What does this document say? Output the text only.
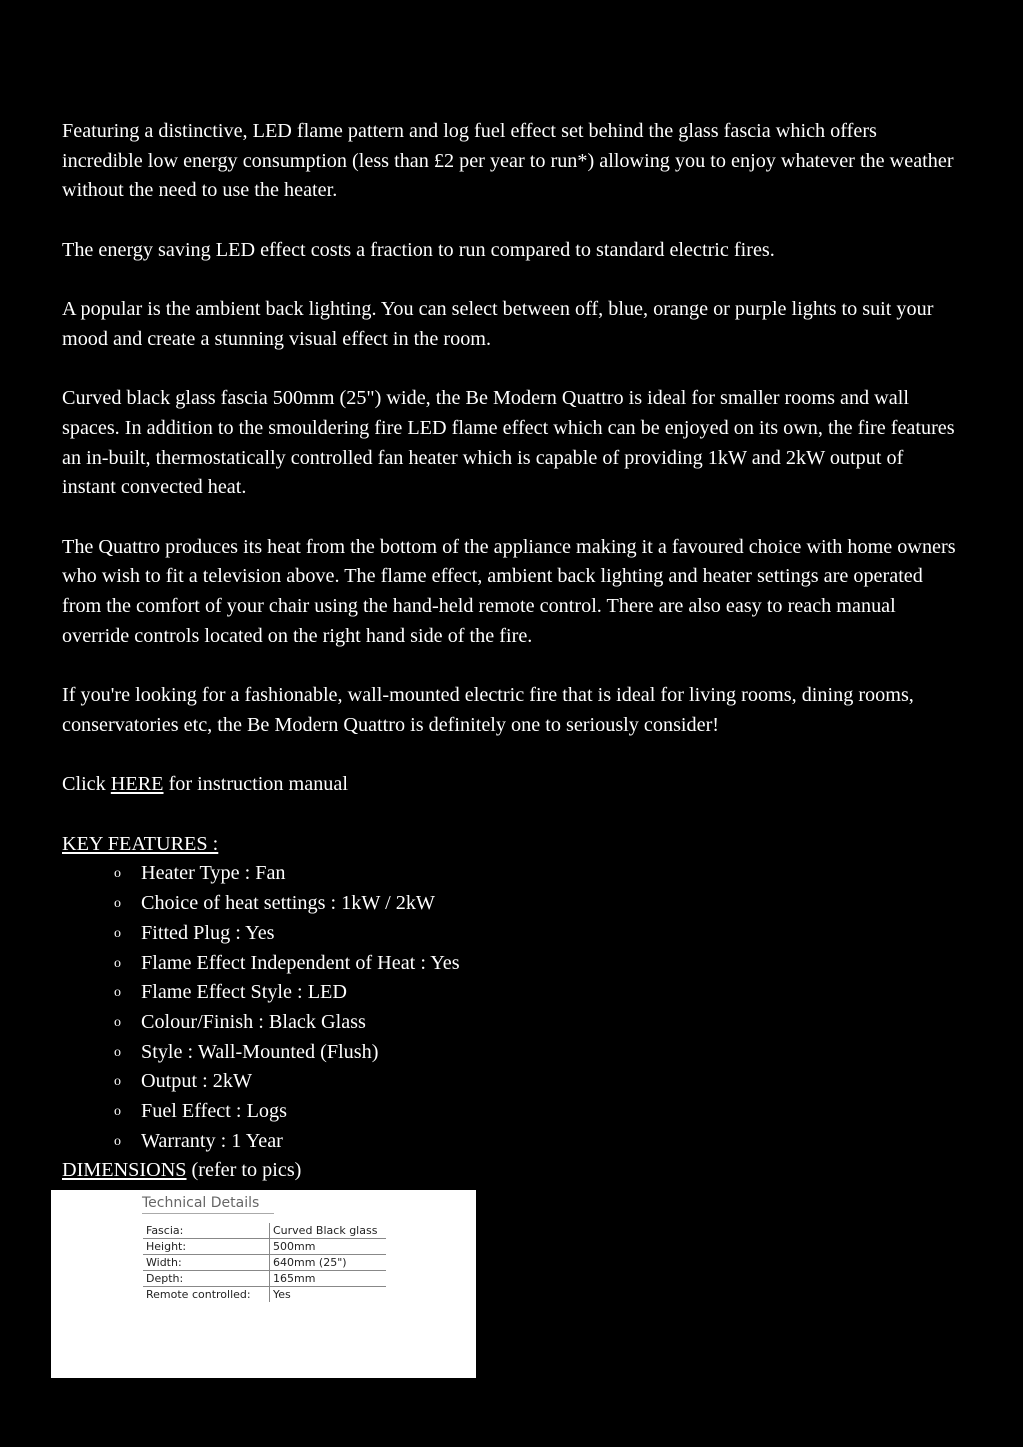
Featuring a distinctive, LED flame pattern and log fuel effect set behind the glass fascia which offers incredible low energy consumption (less than £2 per year to run*) allowing you to enjoy whatever the weather without the need to use the heater.

The energy saving LED effect costs a fraction to run compared to standard electric fires.

A popular is the ambient back lighting. You can select between off, blue, orange or purple lights to suit your mood and create a stunning visual effect in the room.

Curved black glass fascia 500mm (25") wide, the Be Modern Quattro is ideal for smaller rooms and wall spaces. In addition to the smouldering fire LED flame effect which can be enjoyed on its own, the fire features an in-built, thermostatically controlled fan heater which is capable of providing 1kW and 2kW output of instant convected heat.

The Quattro produces its heat from the bottom of the appliance making it a favoured choice with home owners who wish to fit a television above. The flame effect, ambient back lighting and heater settings are operated from the comfort of your chair using the hand-held remote control. There are also easy to reach manual override controls located on the right hand side of the fire.

If you're looking for a fashionable, wall-mounted electric fire that is ideal for living rooms, dining rooms, conservatories etc, the Be Modern Quattro is definitely one to seriously consider!

Click HERE for instruction manual

KEY FEATURES :
o Heater Type : Fan
o Choice of heat settings : 1kW / 2kW
o Fitted Plug : Yes
o Flame Effect Independent of Heat : Yes
o Flame Effect Style : LED
o Colour/Finish : Black Glass
o Style : Wall-Mounted (Flush)
o Output : 2kW
o Fuel Effect : Logs
o Warranty : 1 Year
DIMENSIONS (refer to pics)
Technical Details
Fascia:	Curved Black glass
Height:	500mm
Width:	640mm (25")
Depth:	165mm
Remote controlled:	Yes
